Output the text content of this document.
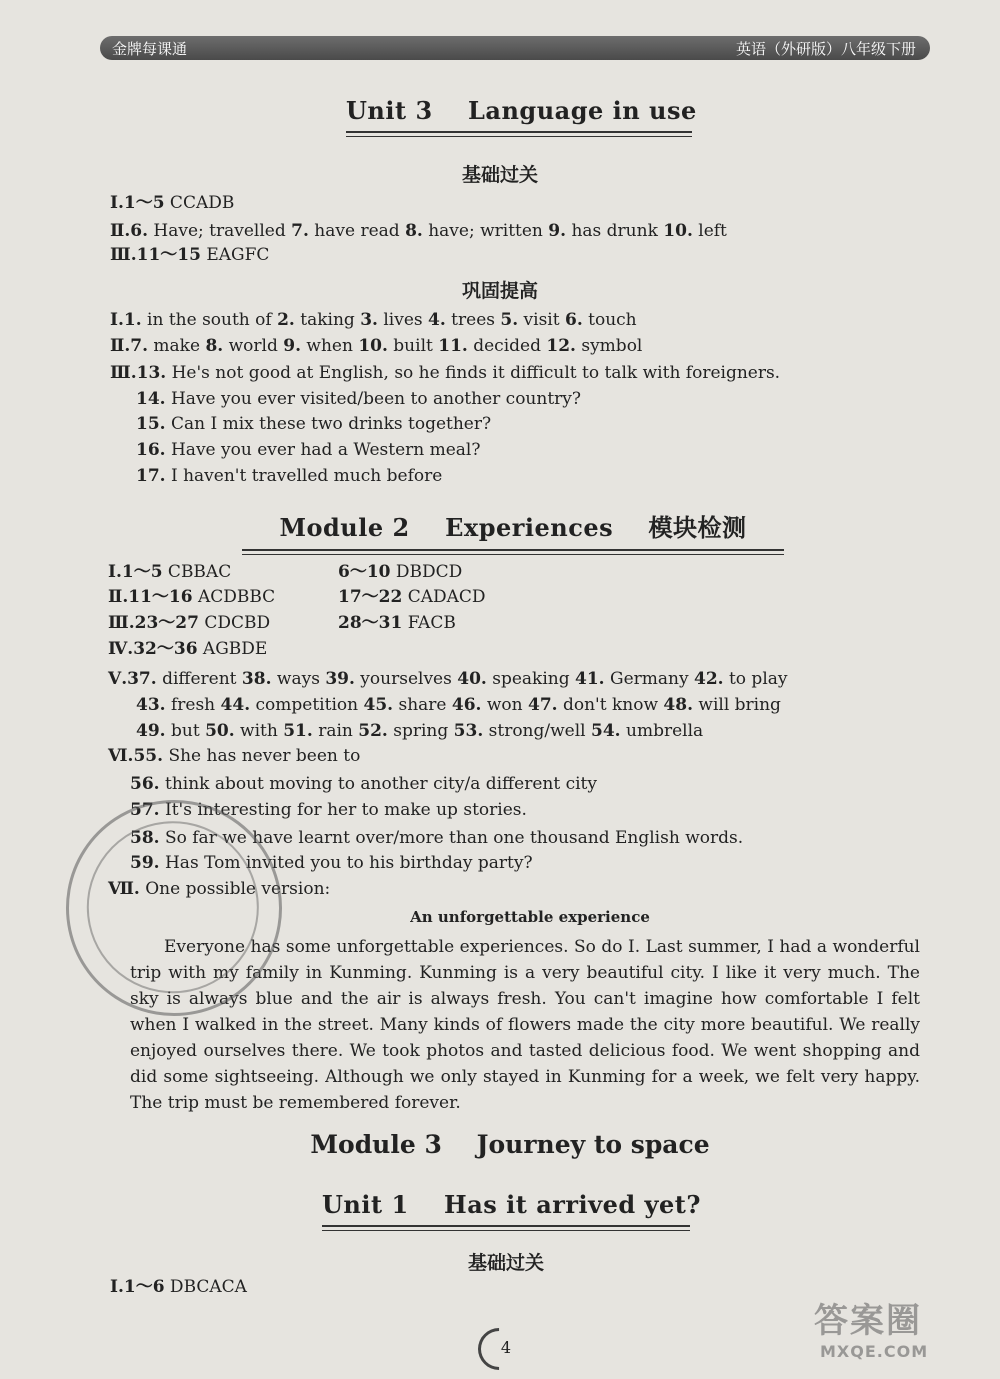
金牌每课通	英语（外研版）八年级下册
Unit 3    Language in use
基础过关
Ⅰ.1～5 CCADB
Ⅱ.6. Have; travelled 7. have read 8. have; written 9. has drunk 10. left
Ⅲ.11～15 EAGFC
巩固提高
Ⅰ.1. in the south of 2. taking 3. lives 4. trees 5. visit 6. touch
Ⅱ.7. make 8. world 9. when 10. built 11. decided 12. symbol
Ⅲ.13. He's not good at English, so he finds it difficult to talk with foreigners.
14. Have you ever visited/been to another country?
15. Can I mix these two drinks together?
16. Have you ever had a Western meal?
17. I haven't travelled much before
Module 2    Experiences    模块检测
Ⅰ.1～5 CBBAC
Ⅱ.11～16 ACDBBC
Ⅲ.23～27 CDCBD
Ⅳ.32～36 AGBDE
6～10 DBDCD
17～22 CADACD
28～31 FACB
Ⅴ.37. different 38. ways 39. yourselves 40. speaking 41. Germany 42. to play
43. fresh 44. competition 45. share 46. won 47. don't know 48. will bring
49. but 50. with 51. rain 52. spring 53. strong/well 54. umbrella
Ⅵ.55. She has never been to
56. think about moving to another city/a different city
57. It's interesting for her to make up stories.
58. So far we have learnt over/more than one thousand English words.
59. Has Tom invited you to his birthday party?
Ⅶ. One possible version:
An unforgettable experience
Everyone has some unforgettable experiences. So do I. Last summer, I had a wonderful trip with my family in Kunming. Kunming is a very beautiful city. I like it very much. The sky is always blue and the air is always fresh. You can't imagine how comfortable I felt when I walked in the street. Many kinds of flowers made the city more beautiful. We really enjoyed ourselves there. We took photos and tasted delicious food. We went shopping and did some sightseeing. Although we only stayed in Kunming for a week, we felt very happy. The trip must be remembered forever.
Module 3    Journey to space
Unit 1    Has it arrived yet?
基础过关
Ⅰ.1～6 DBCACA
4
答案圈
MXQE.COM
